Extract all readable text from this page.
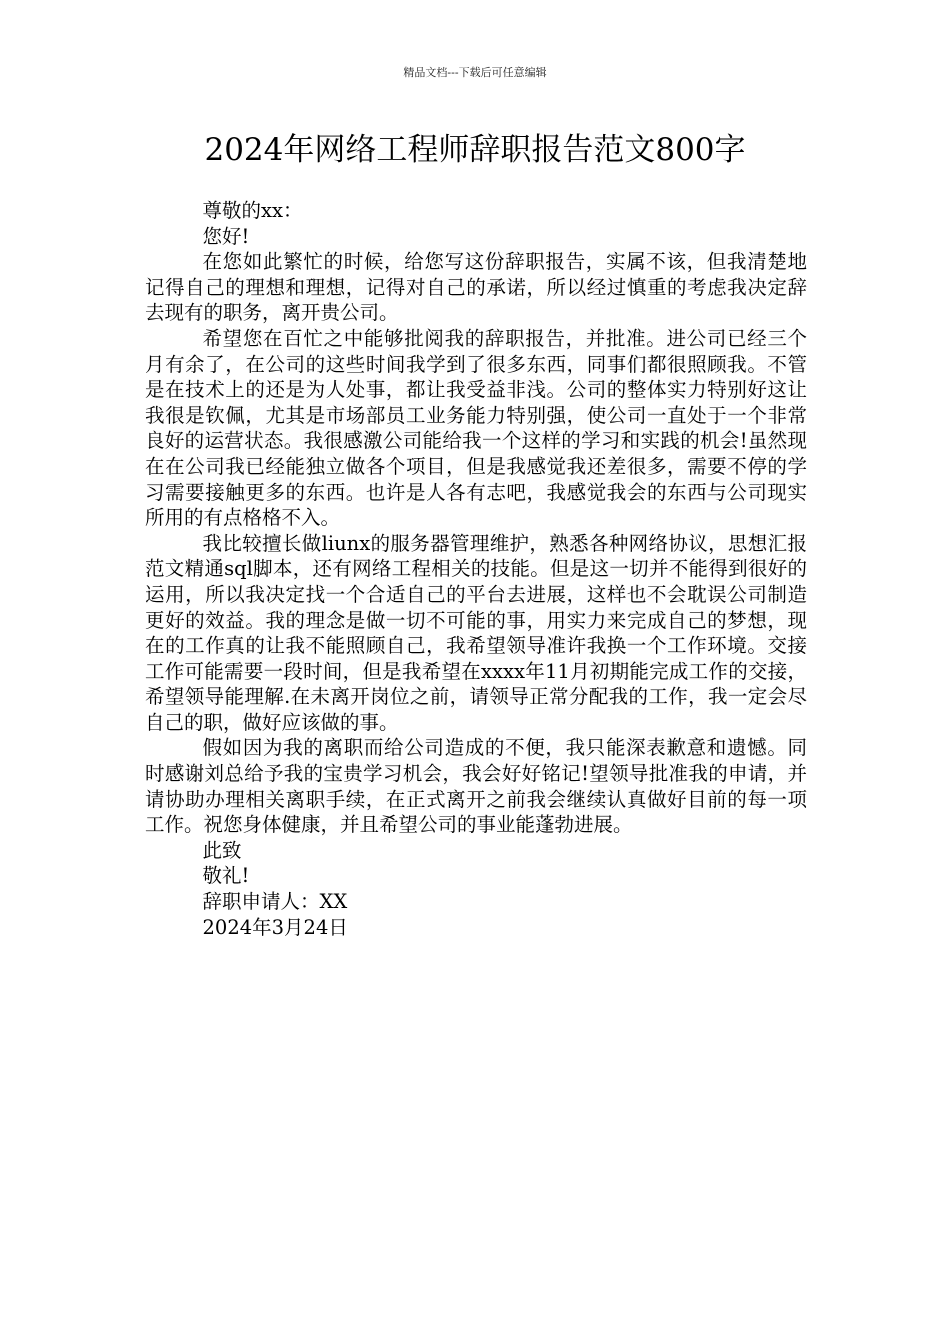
精品文档---下载后可任意编辑
2024年网络工程师辞职报告范文800字

尊敬的xx：

您好!

在您如此繁忙的时候，给您写这份辞职报告，实属不该，但我清楚地记得自己的理想和理想，记得对自己的承诺，所以经过慎重的考虑我决定辞去现有的职务，离开贵公司。

希望您在百忙之中能够批阅我的辞职报告，并批准。进公司已经三个月有余了，在公司的这些时间我学到了很多东西，同事们都很照顾我。不管是在技术上的还是为人处事，都让我受益非浅。公司的整体实力特别好这让我很是钦佩，尤其是市场部员工业务能力特别强，使公司一直处于一个非常良好的运营状态。我很感激公司能给我一个这样的学习和实践的机会!虽然现在在公司我已经能独立做各个项目，但是我感觉我还差很多，需要不停的学习需要接触更多的东西。也许是人各有志吧，我感觉我会的东西与公司现实所用的有点格格不入。

我比较擅长做liunx的服务器管理维护，熟悉各种网络协议，思想汇报范文精通sql脚本，还有网络工程相关的技能。但是这一切并不能得到很好的运用，所以我决定找一个合适自己的平台去进展，这样也不会耽误公司制造更好的效益。我的理念是做一切不可能的事，用实力来完成自己的梦想，现在的工作真的让我不能照顾自己，我希望领导准许我换一个工作环境。交接工作可能需要一段时间，但是我希望在xxxx年11月初期能完成工作的交接，希望领导能理解.在未离开岗位之前，请领导正常分配我的工作，我一定会尽自己的职，做好应该做的事。

假如因为我的离职而给公司造成的不便，我只能深表歉意和遗憾。同时感谢刘总给予我的宝贵学习机会，我会好好铭记!望领导批准我的申请，并请协助办理相关离职手续，在正式离开之前我会继续认真做好目前的每一项工作。祝您身体健康，并且希望公司的事业能蓬勃进展。

此致

敬礼!

辞职申请人：XX

2024年3月24日
